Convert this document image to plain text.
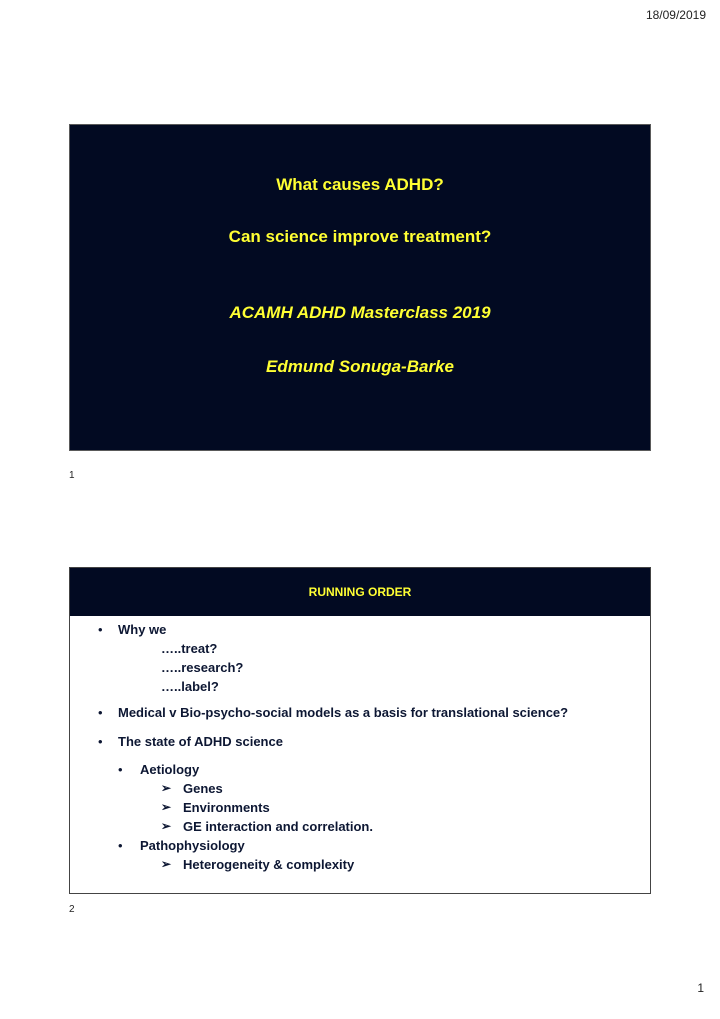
18/09/2019
What causes ADHD?
Can science improve treatment?
ACAMH ADHD Masterclass 2019
Edmund Sonuga-Barke
1
RUNNING ORDER
• Why we
…..treat?
…..research?
…..label?
• Medical v Bio-psycho-social models as a basis for translational science?
• The state of ADHD science
• Aetiology
➢ Genes
➢ Environments
➢ GE interaction and correlation.
• Pathophysiology
➢ Heterogeneity & complexity
2
1
